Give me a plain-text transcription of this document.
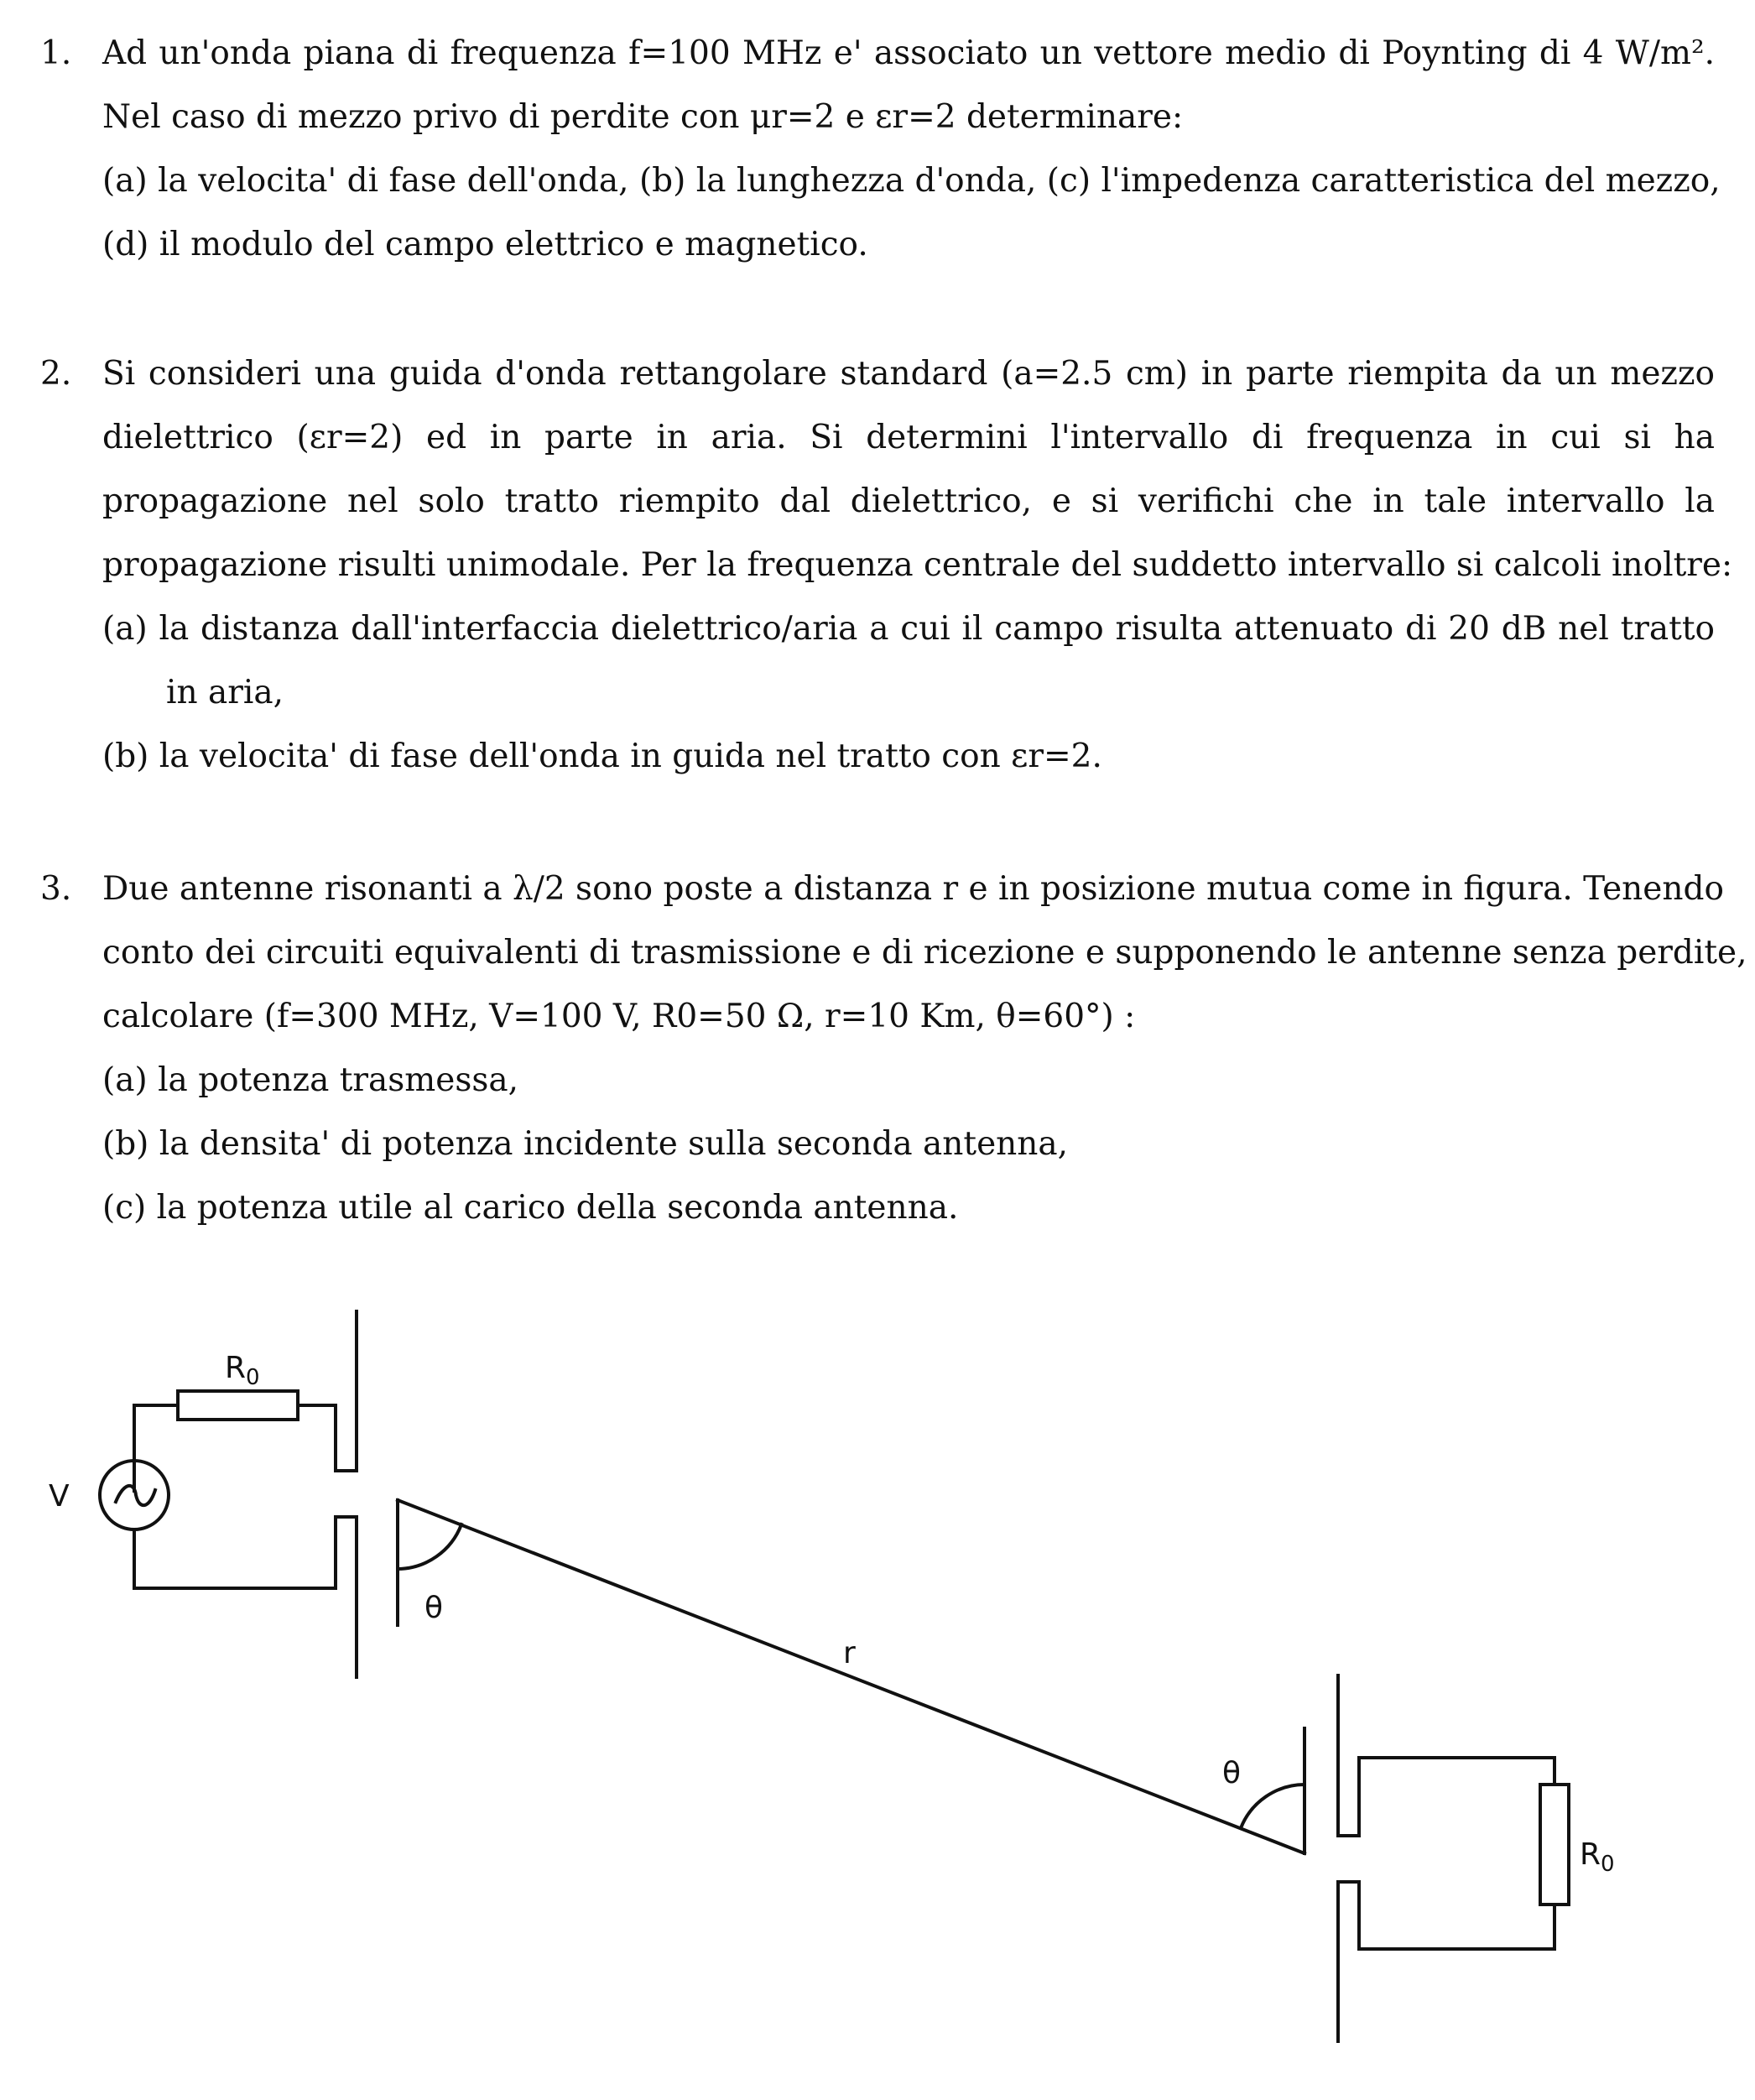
1. Ad un'onda piana di frequenza f=100 MHz e' associato un vettore medio di Poynting di 4 W/m².
Nel caso di mezzo privo di perdite con μr=2 e εr=2 determinare:
(a) la velocita' di fase dell'onda, (b) la lunghezza d'onda, (c) l'impedenza caratteristica del mezzo,
(d) il modulo del campo elettrico e magnetico.
2. Si consideri una guida d'onda rettangolare standard (a=2.5 cm) in parte riempita da un mezzo
dielettrico (εr=2) ed in parte in aria. Si determini l'intervallo di frequenza in cui si ha
propagazione nel solo tratto riempito dal dielettrico, e si verifichi che in tale intervallo la
propagazione risulti unimodale. Per la frequenza centrale del suddetto intervallo si calcoli inoltre:
(a) la distanza dall'interfaccia dielettrico/aria a cui il campo risulta attenuato di 20 dB nel tratto
in aria,
(b) la velocita' di fase dell'onda in guida nel tratto con εr=2.
3. Due antenne risonanti a λ/2 sono poste a distanza r e in posizione mutua come in figura. Tenendo
conto dei circuiti equivalenti di trasmissione e di ricezione e supponendo le antenne senza perdite,
calcolare (f=300 MHz, V=100 V, R0=50 Ω, r=10 Km, θ=60°) :
(a) la potenza trasmessa,
(b) la densita' di potenza incidente sulla seconda antenna,
(c) la potenza utile al carico della seconda antenna.
$R_0$
V
θ
r
θ
$R_0$
